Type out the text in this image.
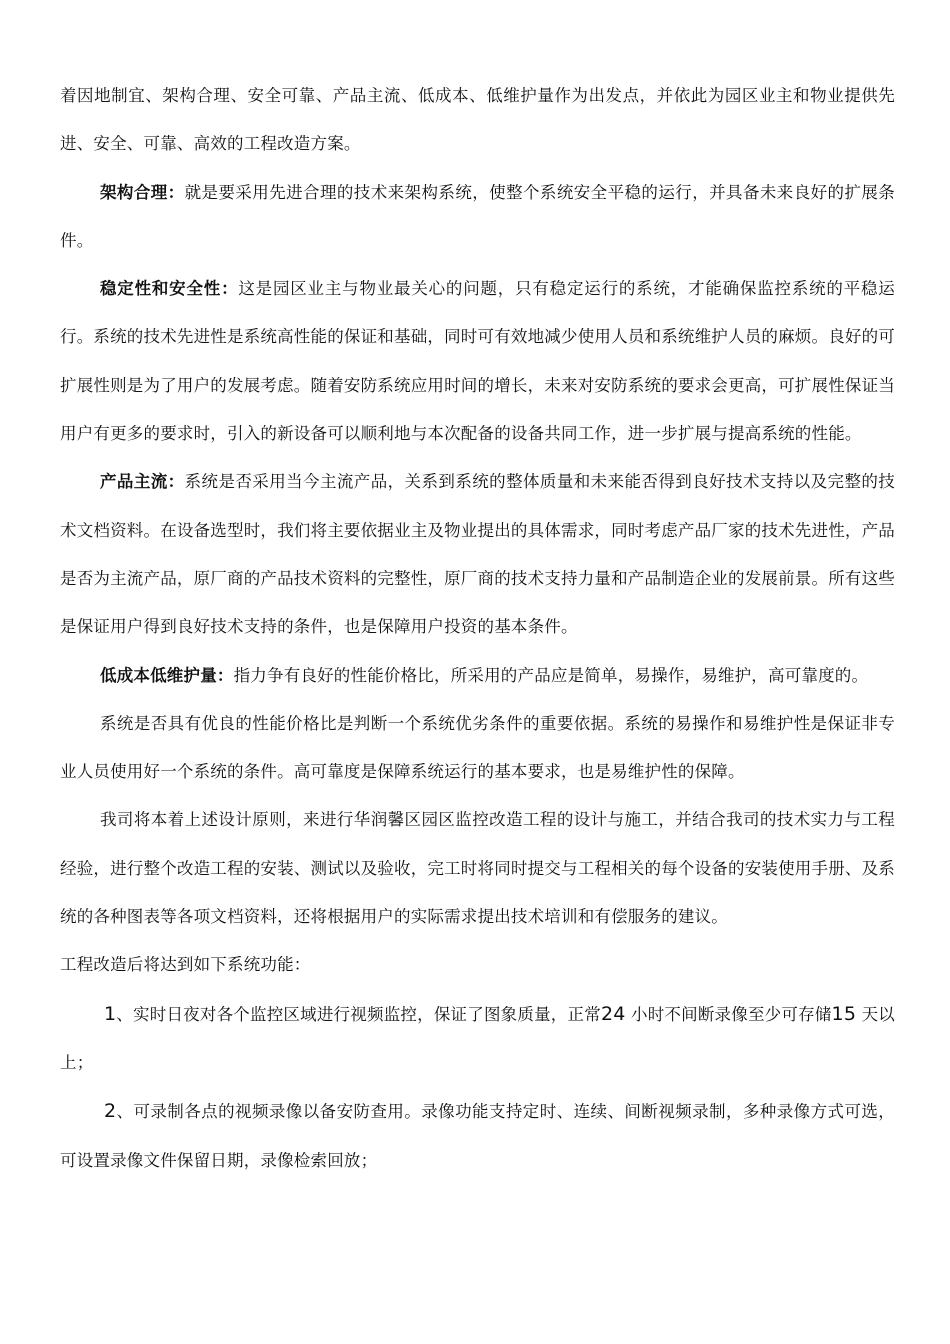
着因地制宜、架构合理、安全可靠、产品主流、低成本、低维护量作为出发点，并依此为园区业主和物业提供先进、安全、可靠、高效的工程改造方案。

架构合理：就是要采用先进合理的技术来架构系统，使整个系统安全平稳的运行，并具备未来良好的扩展条件。

稳定性和安全性：这是园区业主与物业最关心的问题，只有稳定运行的系统，才能确保监控系统的平稳运行。系统的技术先进性是系统高性能的保证和基础，同时可有效地减少使用人员和系统维护人员的麻烦。良好的可扩展性则是为了用户的发展考虑。随着安防系统应用时间的增长，未来对安防系统的要求会更高，可扩展性保证当用户有更多的要求时，引入的新设备可以顺利地与本次配备的设备共同工作，进一步扩展与提高系统的性能。

产品主流：系统是否采用当今主流产品，关系到系统的整体质量和未来能否得到良好技术支持以及完整的技术文档资料。在设备选型时，我们将主要依据业主及物业提出的具体需求，同时考虑产品厂家的技术先进性，产品是否为主流产品，原厂商的产品技术资料的完整性，原厂商的技术支持力量和产品制造企业的发展前景。所有这些是保证用户得到良好技术支持的条件，也是保障用户投资的基本条件。

低成本低维护量：指力争有良好的性能价格比，所采用的产品应是简单，易操作，易维护，高可靠度的。

系统是否具有优良的性能价格比是判断一个系统优劣条件的重要依据。系统的易操作和易维护性是保证非专业人员使用好一个系统的条件。高可靠度是保障系统运行的基本要求，也是易维护性的保障。

我司将本着上述设计原则，来进行华润馨区园区监控改造工程的设计与施工，并结合我司的技术实力与工程经验，进行整个改造工程的安装、测试以及验收，完工时将同时提交与工程相关的每个设备的安装使用手册、及系统的各种图表等各项文档资料，还将根据用户的实际需求提出技术培训和有偿服务的建议。

工程改造后将达到如下系统功能：

1、实时日夜对各个监控区域进行视频监控，保证了图象质量，正常24 小时不间断录像至少可存储15 天以上；

2、可录制各点的视频录像以备安防查用。录像功能支持定时、连续、间断视频录制，多种录像方式可选，可设置录像文件保留日期，录像检索回放；
